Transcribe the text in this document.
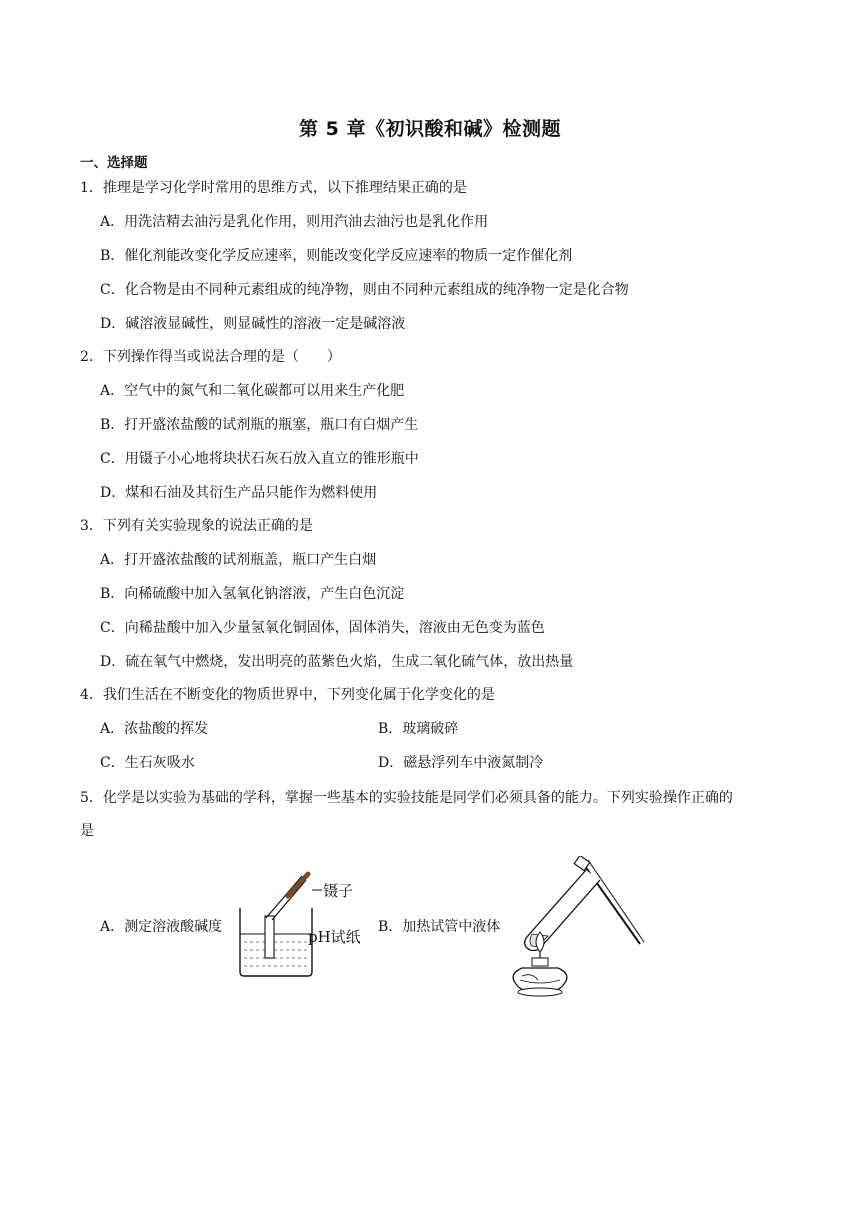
第 5 章《初识酸和碱》检测题
一、选择题
1．推理是学习化学时常用的思维方式，以下推理结果正确的是
A．用洗洁精去油污是乳化作用，则用汽油去油污也是乳化作用
B．催化剂能改变化学反应速率，则能改变化学反应速率的物质一定作催化剂
C．化合物是由不同种元素组成的纯净物，则由不同种元素组成的纯净物一定是化合物
D．碱溶液显碱性，则显碱性的溶液一定是碱溶液
2．下列操作得当或说法合理的是（　　）
A．空气中的氮气和二氧化碳都可以用来生产化肥
B．打开盛浓盐酸的试剂瓶的瓶塞，瓶口有白烟产生
C．用镊子小心地将块状石灰石放入直立的锥形瓶中
D．煤和石油及其衍生产品只能作为燃料使用
3．下列有关实验现象的说法正确的是
A．打开盛浓盐酸的试剂瓶盖，瓶口产生白烟
B．向稀硫酸中加入氢氧化钠溶液，产生白色沉淀
C．向稀盐酸中加入少量氢氧化铜固体，固体消失，溶液由无色变为蓝色
D．硫在氧气中燃烧，发出明亮的蓝紫色火焰，生成二氧化硫气体，放出热量
4．我们生活在不断变化的物质世界中，下列变化属于化学变化的是
A．浓盐酸的挥发	B．玻璃破碎
C．生石灰吸水	D．磁悬浮列车中液氮制冷
5．化学是以实验为基础的学科，掌握一些基本的实验技能是同学们必须具备的能力。下列实验操作正确的
是
A．测定溶液酸碱度	B．加热试管中液体
镊子
pH试纸
